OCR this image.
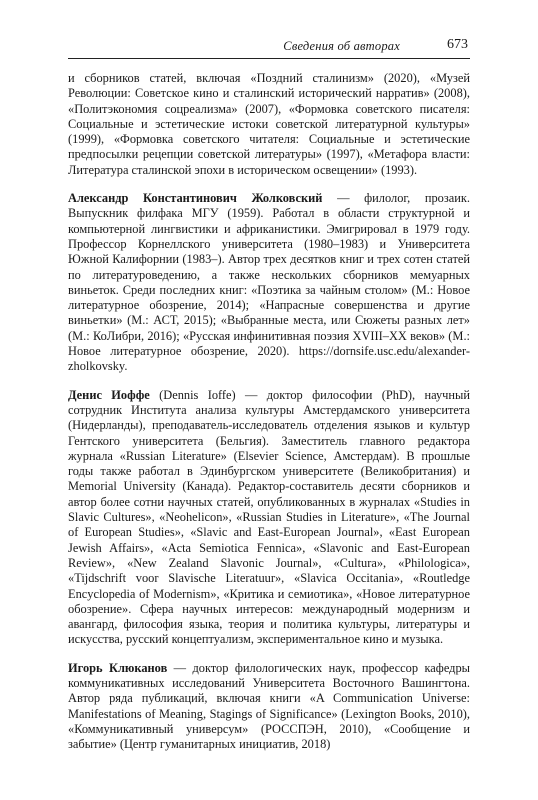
Сведения об авторах	673

и сборников статей, включая «Поздний сталинизм» (2020), «Музей Революции: Советское кино и сталинский исторический нарратив» (2008), «Политэкономия соцреализма» (2007), «Формовка советского писателя: Социальные и эстетические истоки советской литературной культуры» (1999), «Формовка советского читателя: Социальные и эстетические предпосылки рецепции советской литературы» (1997), «Метафора власти: Литература сталинской эпохи в историческом освещении» (1993).

Александр Константинович Жолковский — филолог, прозаик. Выпускник филфака МГУ (1959). Работал в области структурной и компьютерной лингвистики и африканистики. Эмигрировал в 1979 году. Профессор Корнеллского университета (1980–1983) и Университета Южной Калифорнии (1983–). Автор трех десятков книг и трех сотен статей по литературоведению, а также нескольких сборников мемуарных виньеток. Среди последних книг: «Поэтика за чайным столом» (М.: Новое литературное обозрение, 2014); «Напрасные совершенства и другие виньетки» (М.: АСТ, 2015); «Выбранные места, или Сюжеты разных лет» (М.: КоЛибри, 2016); «Русская инфинитивная поэзия XVIII–XX веков» (М.: Новое литературное обозрение, 2020). https://dornsife.usc.edu/alexander-zholkovsky.

Денис Иоффе (Dennis Ioffe) — доктор философии (PhD), научный сотрудник Института анализа культуры Амстердамского университета (Нидерланды), преподаватель-исследователь отделения языков и культур Гентского университета (Бельгия). Заместитель главного редактора журнала «Russian Literature» (Elsevier Science, Амстердам). В прошлые годы также работал в Эдинбургском университете (Великобритания) и Memorial University (Канада). Редактор-составитель десяти сборников и автор более сотни научных статей, опубликованных в журналах «Studies in Slavic Cultures», «Neohelicon», «Russian Studies in Literature», «The Journal of European Studies», «Slavic and East-European Journal», «East European Jewish Affairs», «Acta Semiotica Fennica», «Slavonic and East-European Review», «New Zealand Slavonic Journal», «Cultura», «Philologica», «Tijdschrift voor Slavische Literatuur», «Slavica Occitania», «Routledge Encyclopedia of Modernism», «Критика и семиотика», «Новое литературное обозрение». Сфера научных интересов: международный модернизм и авангард, философия языка, теория и политика культуры, литературы и искусства, русский концептуализм, экспериментальное кино и музыка.

Игорь Клюканов — доктор филологических наук, профессор кафедры коммуникативных исследований Университета Восточного Вашингтона. Автор ряда публикаций, включая книги «A Communication Universe: Manifestations of Meaning, Stagings of Significance» (Lexington Books, 2010), «Коммуникативный универсум» (РОССПЭН, 2010), «Сообщение и забытие» (Центр гуманитарных инициатив, 2018)
